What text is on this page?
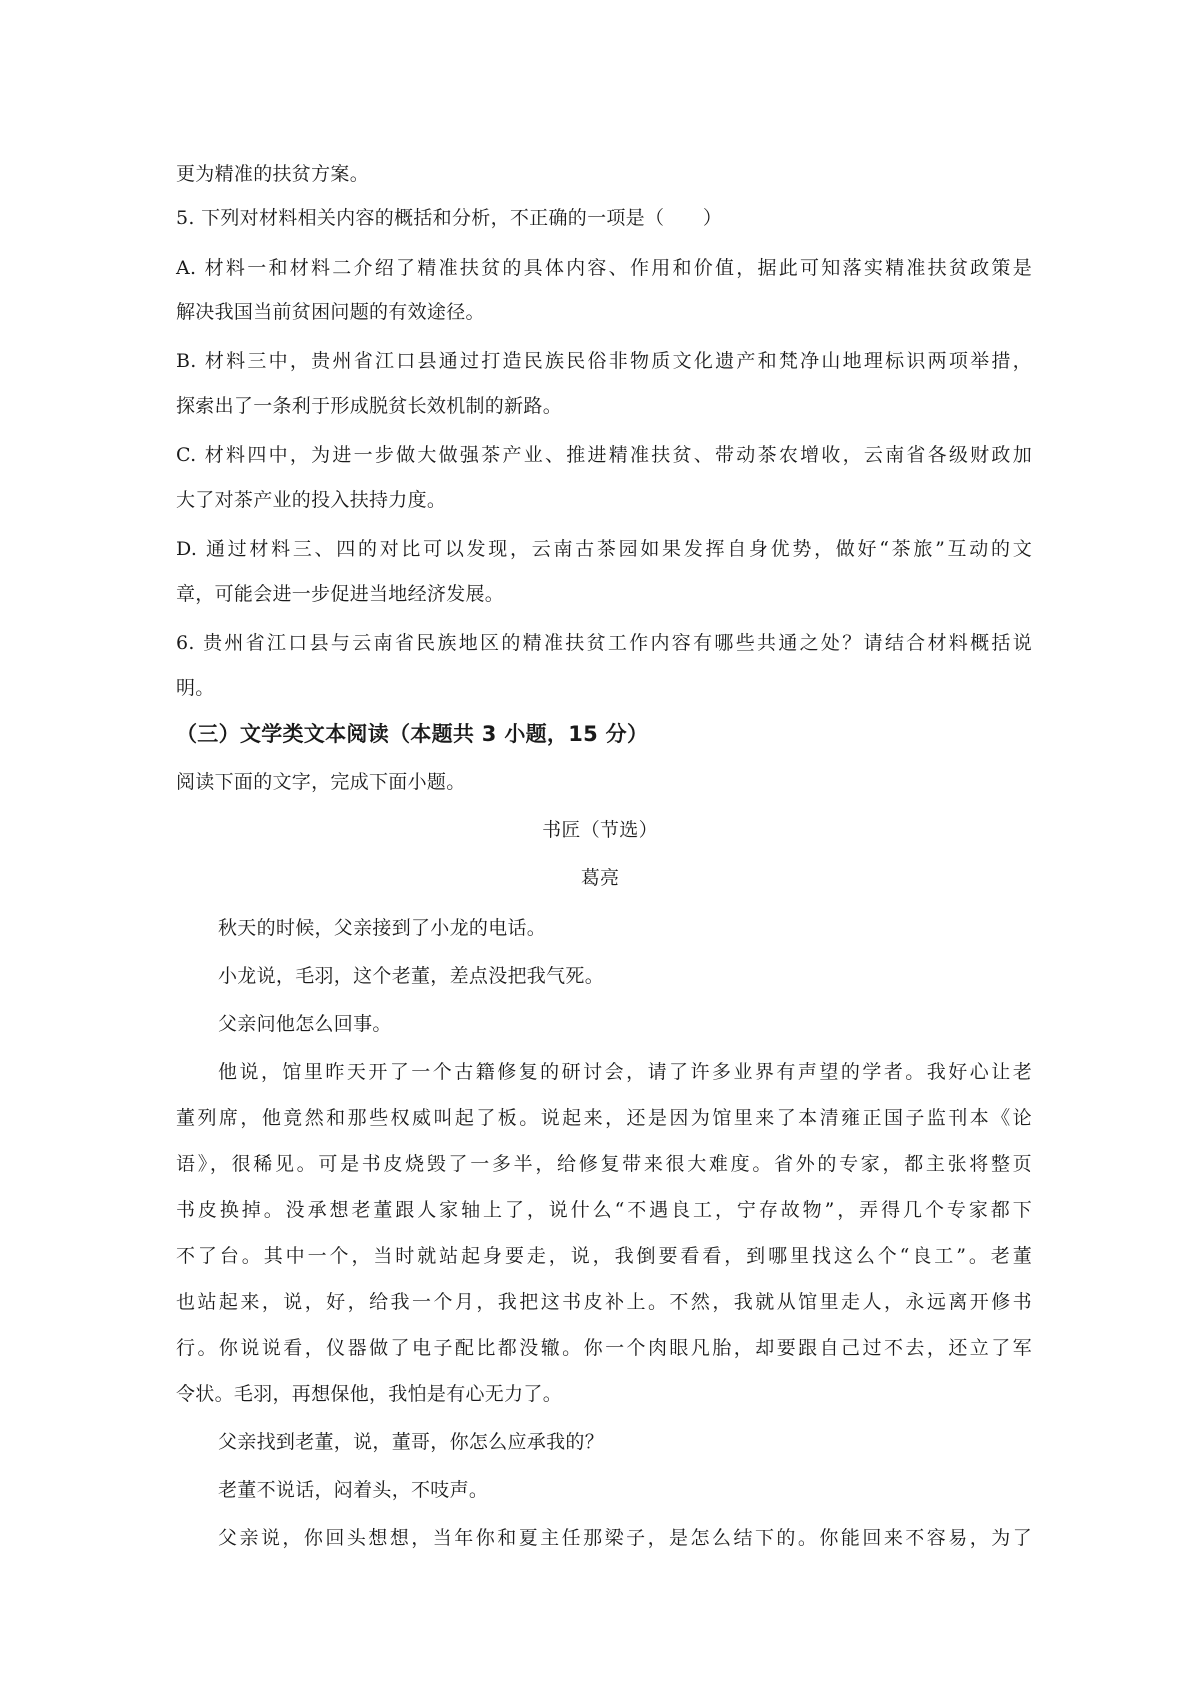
更为精准的扶贫方案。
5. 下列对材料相关内容的概括和分析，不正确的一项是（　　）
A. 材料一和材料二介绍了精准扶贫的具体内容、作用和价值，据此可知落实精准扶贫政策是
解决我国当前贫困问题的有效途径。
B. 材料三中，贵州省江口县通过打造民族民俗非物质文化遗产和梵净山地理标识两项举措，
探索出了一条利于形成脱贫长效机制的新路。
C. 材料四中，为进一步做大做强茶产业、推进精准扶贫、带动茶农增收，云南省各级财政加
大了对茶产业的投入扶持力度。
D. 通过材料三、四的对比可以发现，云南古茶园如果发挥自身优势，做好“茶旅”互动的文
章，可能会进一步促进当地经济发展。
6. 贵州省江口县与云南省民族地区的精准扶贫工作内容有哪些共通之处？请结合材料概括说
明。
（三）文学类文本阅读（本题共 3 小题，15 分）
阅读下面的文字，完成下面小题。
书匠（节选）
葛亮
秋天的时候，父亲接到了小龙的电话。
小龙说，毛羽，这个老董，差点没把我气死。
父亲问他怎么回事。
他说，馆里昨天开了一个古籍修复的研讨会，请了许多业界有声望的学者。我好心让老
董列席，他竟然和那些权威叫起了板。说起来，还是因为馆里来了本清雍正国子监刊本《论
语》，很稀见。可是书皮烧毁了一多半，给修复带来很大难度。省外的专家，都主张将整页
书皮换掉。没承想老董跟人家轴上了，说什么“不遇良工，宁存故物”，弄得几个专家都下
不了台。其中一个，当时就站起身要走，说，我倒要看看，到哪里找这么个“良工”。老董
也站起来，说，好，给我一个月，我把这书皮补上。不然，我就从馆里走人，永远离开修书
行。你说说看，仪器做了电子配比都没辙。你一个肉眼凡胎，却要跟自己过不去，还立了军
令状。毛羽，再想保他，我怕是有心无力了。
父亲找到老董，说，董哥，你怎么应承我的？
老董不说话，闷着头，不吱声。
父亲说，你回头想想，当年你和夏主任那梁子，是怎么结下的。你能回来不容易，为了
